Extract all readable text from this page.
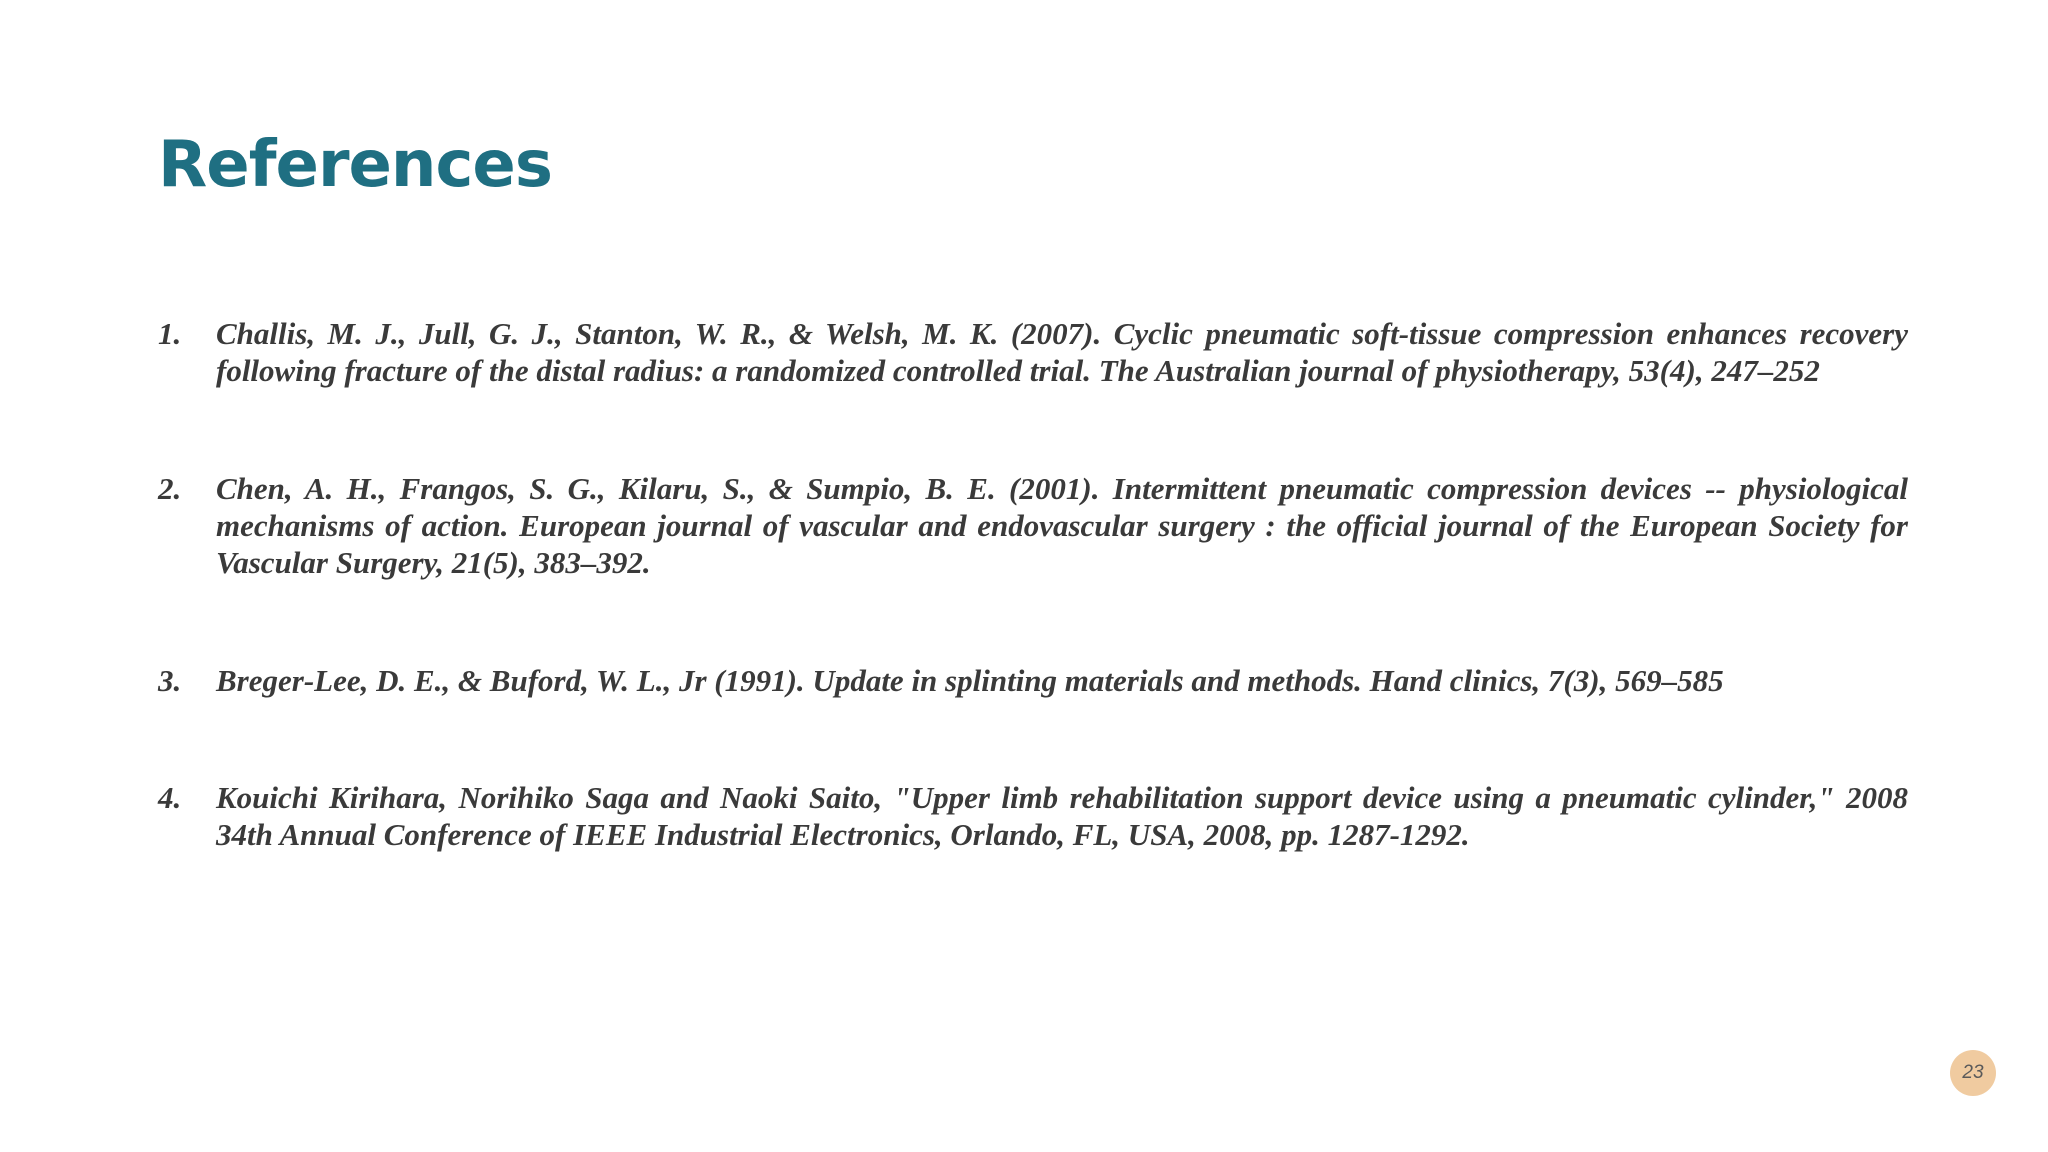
References
1. Challis, M. J., Jull, G. J., Stanton, W. R., & Welsh, M. K. (2007). Cyclic pneumatic soft-tissue compression enhances recovery following fracture of the distal radius: a randomized controlled trial. The Australian journal of physiotherapy, 53(4), 247–252
2. Chen, A. H., Frangos, S. G., Kilaru, S., & Sumpio, B. E. (2001). Intermittent pneumatic compression devices -- physiological mechanisms of action. European journal of vascular and endovascular surgery : the official journal of the European Society for Vascular Surgery, 21(5), 383–392.
3. Breger-Lee, D. E., & Buford, W. L., Jr (1991). Update in splinting materials and methods. Hand clinics, 7(3), 569–585
4. Kouichi Kirihara, Norihiko Saga and Naoki Saito, "Upper limb rehabilitation support device using a pneumatic cylinder," 2008 34th Annual Conference of IEEE Industrial Electronics, Orlando, FL, USA, 2008, pp. 1287-1292.
23
